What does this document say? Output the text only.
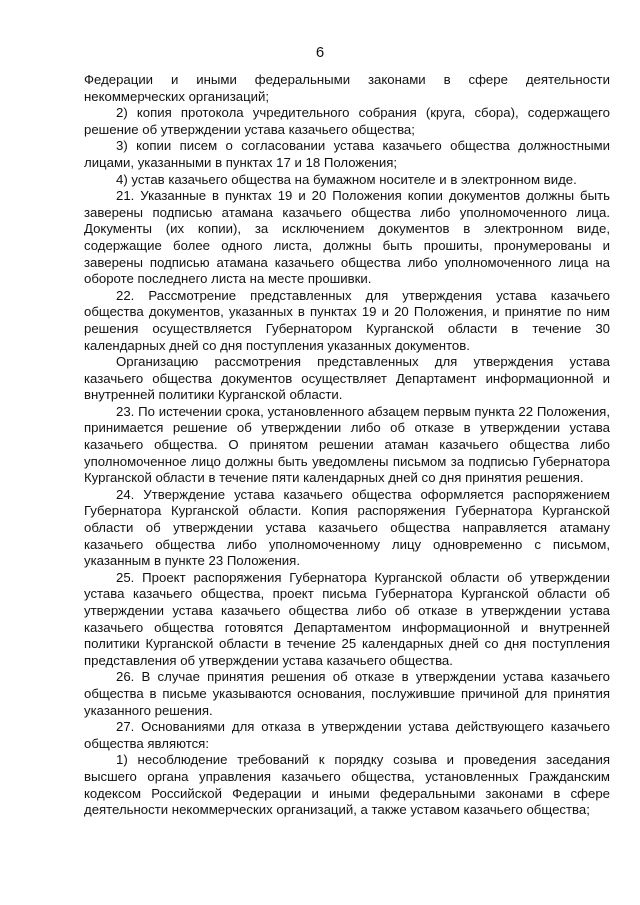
6

Федерации и иными федеральными законами в сфере деятельности некоммерческих организаций;

2) копия протокола учредительного собрания (круга, сбора), содержащего решение об утверждении устава казачьего общества;

3) копии писем о согласовании устава казачьего общества должностными лицами, указанными в пунктах 17 и 18 Положения;

4) устав казачьего общества на бумажном носителе и в электронном виде.

21. Указанные в пунктах 19 и 20 Положения копии документов должны быть заверены подписью атамана казачьего общества либо уполномоченного лица. Документы (их копии), за исключением документов в электронном виде, содержащие более одного листа, должны быть прошиты, пронумерованы и заверены подписью атамана казачьего общества либо уполномоченного лица на обороте последнего листа на месте прошивки.

22. Рассмотрение представленных для утверждения устава казачьего общества документов, указанных в пунктах 19 и 20 Положения, и принятие по ним решения осуществляется Губернатором Курганской области в течение 30 календарных дней со дня поступления указанных документов.

Организацию рассмотрения представленных для утверждения устава казачьего общества документов осуществляет Департамент информационной и внутренней политики Курганской области.

23. По истечении срока, установленного абзацем первым пункта 22 Положения, принимается решение об утверждении либо об отказе в утверждении устава казачьего общества. О принятом решении атаман казачьего общества либо уполномоченное лицо должны быть уведомлены письмом за подписью Губернатора Курганской области в течение пяти календарных дней со дня принятия решения.

24. Утверждение устава казачьего общества оформляется распоряжением Губернатора Курганской области. Копия распоряжения Губернатора Курганской области об утверждении устава казачьего общества направляется атаману казачьего общества либо уполномоченному лицу одновременно с письмом, указанным в пункте 23 Положения.

25. Проект распоряжения Губернатора Курганской области об утверждении устава казачьего общества, проект письма Губернатора Курганской области об утверждении устава казачьего общества либо об отказе в утверждении устава казачьего общества готовятся Департаментом информационной и внутренней политики Курганской области в течение 25 календарных дней со дня поступления представления об утверждении устава казачьего общества.

26. В случае принятия решения об отказе в утверждении устава казачьего общества в письме указываются основания, послужившие причиной для принятия указанного решения.

27. Основаниями для отказа в утверждении устава действующего казачьего общества являются:

1) несоблюдение требований к порядку созыва и проведения заседания высшего органа управления казачьего общества, установленных Гражданским кодексом Российской Федерации и иными федеральными законами в сфере деятельности некоммерческих организаций, а также уставом казачьего общества;
